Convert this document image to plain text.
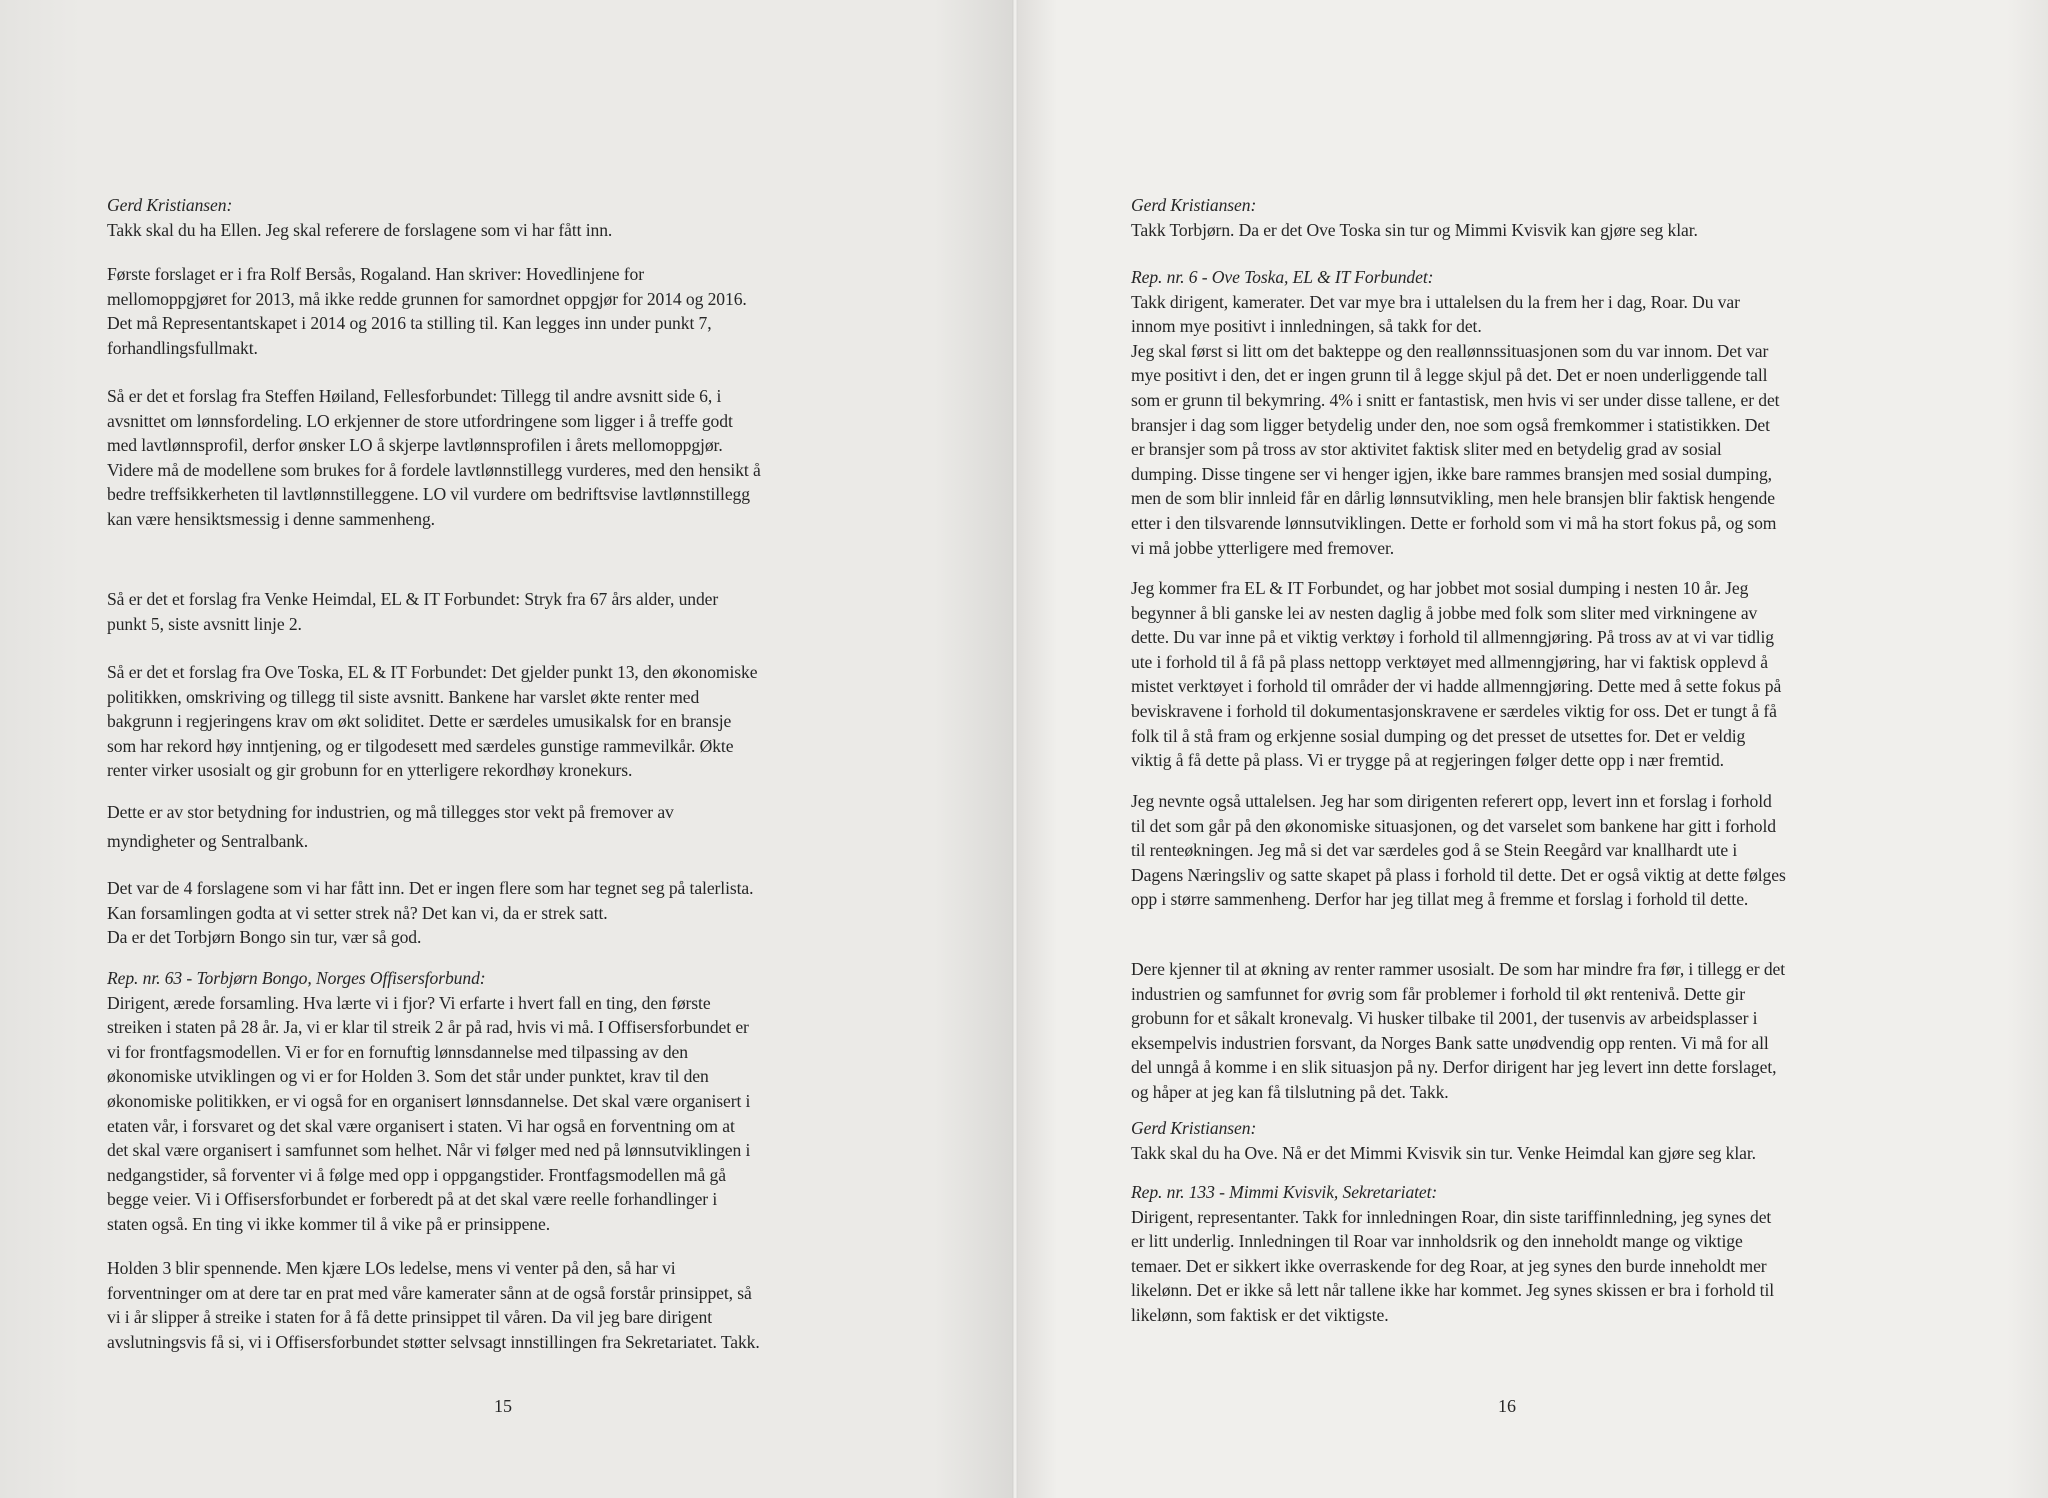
Gerd Kristiansen:
Takk skal du ha Ellen. Jeg skal referere de forslagene som vi har fått inn.
Første forslaget er i fra Rolf Bersås, Rogaland. Han skriver: Hovedlinjene for
mellomoppgjøret for 2013, må ikke redde grunnen for samordnet oppgjør for 2014 og 2016.
Det må Representantskapet i 2014 og 2016 ta stilling til. Kan legges inn under punkt 7,
forhandlingsfullmakt.
Så er det et forslag fra Steffen Høiland, Fellesforbundet: Tillegg til andre avsnitt side 6, i
avsnittet om lønnsfordeling. LO erkjenner de store utfordringene som ligger i å treffe godt
med lavtlønnsprofil, derfor ønsker LO å skjerpe lavtlønnsprofilen i årets mellomoppgjør.
Videre må de modellene som brukes for å fordele lavtlønnstillegg vurderes, med den hensikt å
bedre treffsikkerheten til lavtlønnstilleggene. LO vil vurdere om bedriftsvise lavtlønnstillegg
kan være hensiktsmessig i denne sammenheng.
Så er det et forslag fra Venke Heimdal, EL & IT Forbundet: Stryk fra 67 års alder, under
punkt 5, siste avsnitt linje 2.
Så er det et forslag fra Ove Toska, EL & IT Forbundet: Det gjelder punkt 13, den økonomiske
politikken, omskriving og tillegg til siste avsnitt. Bankene har varslet økte renter med
bakgrunn i regjeringens krav om økt soliditet. Dette er særdeles umusikalsk for en bransje
som har rekord høy inntjening, og er tilgodesett med særdeles gunstige rammevilkår. Økte
renter virker usosialt og gir grobunn for en ytterligere rekordhøy kronekurs.
Dette er av stor betydning for industrien, og må tillegges stor vekt på fremover av
myndigheter og Sentralbank.
Det var de 4 forslagene som vi har fått inn. Det er ingen flere som har tegnet seg på talerlista.
Kan forsamlingen godta at vi setter strek nå? Det kan vi, da er strek satt.
Da er det Torbjørn Bongo sin tur, vær så god.
Rep. nr. 63 - Torbjørn Bongo, Norges Offisersforbund:
Dirigent, ærede forsamling. Hva lærte vi i fjor? Vi erfarte i hvert fall en ting, den første
streiken i staten på 28 år. Ja, vi er klar til streik 2 år på rad, hvis vi må. I Offisersforbundet er
vi for frontfagsmodellen. Vi er for en fornuftig lønnsdannelse med tilpassing av den
økonomiske utviklingen og vi er for Holden 3. Som det står under punktet, krav til den
økonomiske politikken, er vi også for en organisert lønnsdannelse. Det skal være organisert i
etaten vår, i forsvaret og det skal være organisert i staten. Vi har også en forventning om at
det skal være organisert i samfunnet som helhet. Når vi følger med ned på lønnsutviklingen i
nedgangstider, så forventer vi å følge med opp i oppgangstider. Frontfagsmodellen må gå
begge veier. Vi i Offisersforbundet er forberedt på at det skal være reelle forhandlinger i
staten også. En ting vi ikke kommer til å vike på er prinsippene.
Holden 3 blir spennende. Men kjære LOs ledelse, mens vi venter på den, så har vi
forventninger om at dere tar en prat med våre kamerater sånn at de også forstår prinsippet, så
vi i år slipper å streike i staten for å få dette prinsippet til våren. Da vil jeg bare dirigent
avslutningsvis få si, vi i Offisersforbundet støtter selvsagt innstillingen fra Sekretariatet. Takk.
15
Gerd Kristiansen:
Takk Torbjørn. Da er det Ove Toska sin tur og Mimmi Kvisvik kan gjøre seg klar.
Rep. nr. 6 - Ove Toska, EL & IT Forbundet:
Takk dirigent, kamerater. Det var mye bra i uttalelsen du la frem her i dag, Roar. Du var
innom mye positivt i innledningen, så takk for det.
Jeg skal først si litt om det bakteppe og den reallønnssituasjonen som du var innom. Det var
mye positivt i den, det er ingen grunn til å legge skjul på det. Det er noen underliggende tall
som er grunn til bekymring. 4% i snitt er fantastisk, men hvis vi ser under disse tallene, er det
bransjer i dag som ligger betydelig under den, noe som også fremkommer i statistikken. Det
er bransjer som på tross av stor aktivitet faktisk sliter med en betydelig grad av sosial
dumping. Disse tingene ser vi henger igjen, ikke bare rammes bransjen med sosial dumping,
men de som blir innleid får en dårlig lønnsutvikling, men hele bransjen blir faktisk hengende
etter i den tilsvarende lønnsutviklingen. Dette er forhold som vi må ha stort fokus på, og som
vi må jobbe ytterligere med fremover.
Jeg kommer fra EL & IT Forbundet, og har jobbet mot sosial dumping i nesten 10 år. Jeg
begynner å bli ganske lei av nesten daglig å jobbe med folk som sliter med virkningene av
dette. Du var inne på et viktig verktøy i forhold til allmenngjøring. På tross av at vi var tidlig
ute i forhold til å få på plass nettopp verktøyet med allmenngjøring, har vi faktisk opplevd å
mistet verktøyet i forhold til områder der vi hadde allmenngjøring. Dette med å sette fokus på
beviskravene i forhold til dokumentasjonskravene er særdeles viktig for oss. Det er tungt å få
folk til å stå fram og erkjenne sosial dumping og det presset de utsettes for. Det er veldig
viktig å få dette på plass. Vi er trygge på at regjeringen følger dette opp i nær fremtid.
Jeg nevnte også uttalelsen. Jeg har som dirigenten referert opp, levert inn et forslag i forhold
til det som går på den økonomiske situasjonen, og det varselet som bankene har gitt i forhold
til renteøkningen. Jeg må si det var særdeles god å se Stein Reegård var knallhardt ute i
Dagens Næringsliv og satte skapet på plass i forhold til dette. Det er også viktig at dette følges
opp i større sammenheng. Derfor har jeg tillat meg å fremme et forslag i forhold til dette.
Dere kjenner til at økning av renter rammer usosialt. De som har mindre fra før, i tillegg er det
industrien og samfunnet for øvrig som får problemer i forhold til økt rentenivå. Dette gir
grobunn for et såkalt kronevalg. Vi husker tilbake til 2001, der tusenvis av arbeidsplasser i
eksempelvis industrien forsvant, da Norges Bank satte unødvendig opp renten. Vi må for all
del unngå å komme i en slik situasjon på ny. Derfor dirigent har jeg levert inn dette forslaget,
og håper at jeg kan få tilslutning på det. Takk.
Gerd Kristiansen:
Takk skal du ha Ove. Nå er det Mimmi Kvisvik sin tur. Venke Heimdal kan gjøre seg klar.
Rep. nr. 133 - Mimmi Kvisvik, Sekretariatet:
Dirigent, representanter. Takk for innledningen Roar, din siste tariffinnledning, jeg synes det
er litt underlig. Innledningen til Roar var innholdsrik og den inneholdt mange og viktige
temaer. Det er sikkert ikke overraskende for deg Roar, at jeg synes den burde inneholdt mer
likelønn. Det er ikke så lett når tallene ikke har kommet. Jeg synes skissen er bra i forhold til
likelønn, som faktisk er det viktigste.
16
